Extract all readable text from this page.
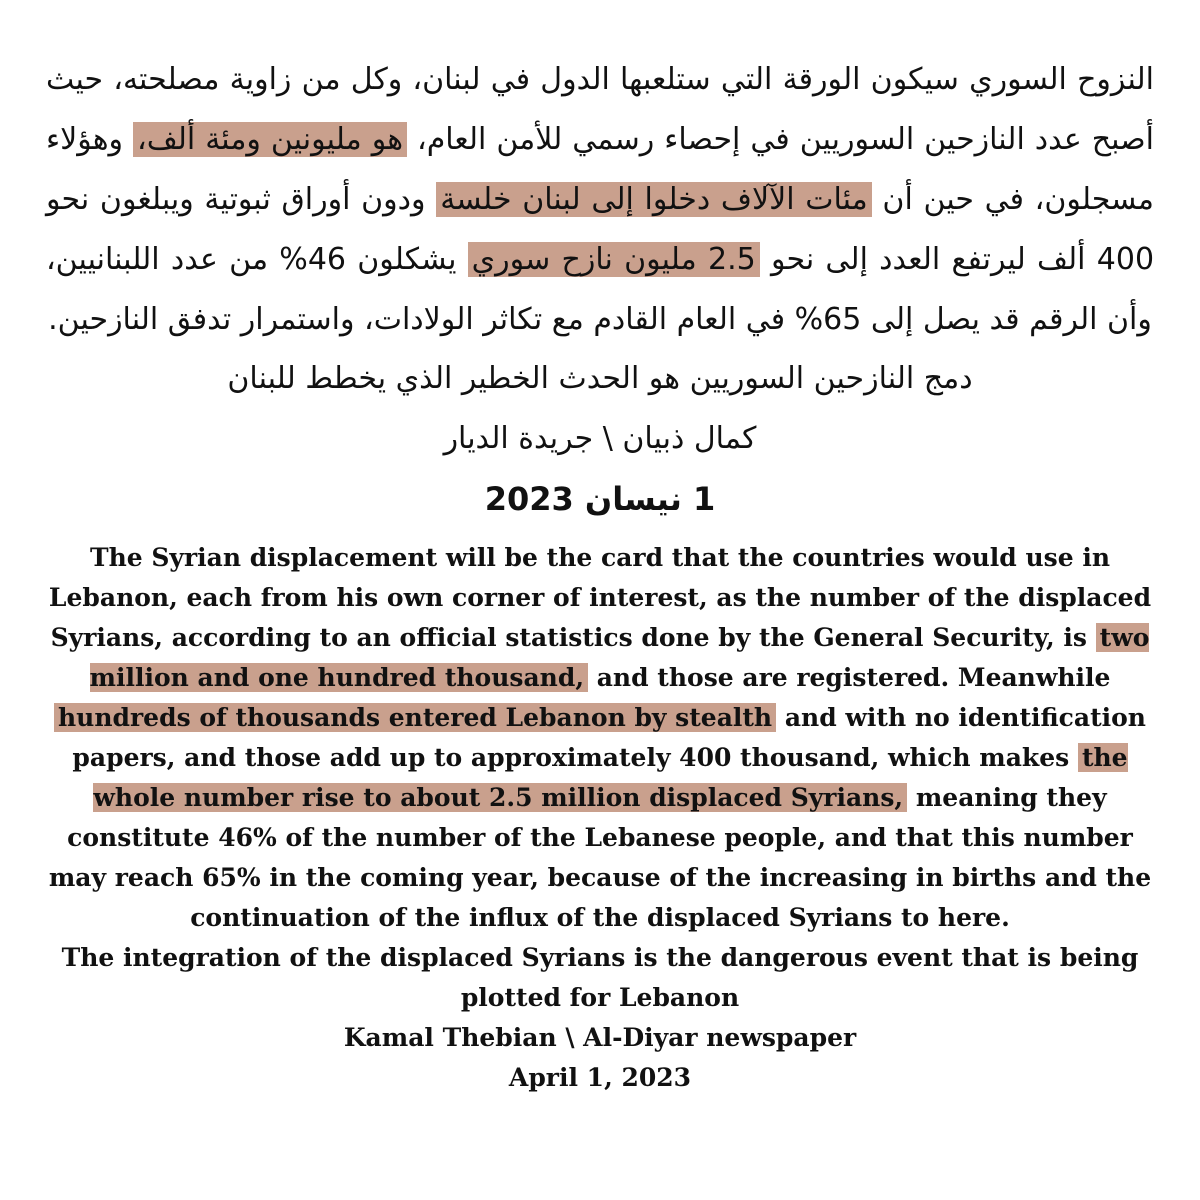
النزوح السوري سيكون الورقة التي ستلعبها الدول في لبنان، وكل من زاوية مصلحته، حيث أصبح عدد النازحين السوريين في إحصاء رسمي للأمن العام، هو مليونين ومئة ألف، وهؤلاء مسجلون، في حين أن مئات الآلاف دخلوا إلى لبنان خلسة ودون أوراق ثبوتية ويبلغون نحو 400 ألف ليرتفع العدد إلى نحو 2.5 مليون نازح سوري يشكلون 46% من عدد اللبنانيين، وأن الرقم قد يصل إلى 65% في العام القادم مع تكاثر الولادات، واستمرار تدفق النازحين.

دمج النازحين السوريين هو الحدث الخطير الذي يخطط للبنان

كمال ذبيان \ جريدة الديار

1 نيسان 2023

The Syrian displacement will be the card that the countries would use in Lebanon, each from his own corner of interest, as the number of the displaced Syrians, according to an official statistics done by the General Security, is two million and one hundred thousand, and those are registered. Meanwhile hundreds of thousands entered Lebanon by stealth and with no identification papers, and those add up to approximately 400 thousand, which makes the whole number rise to about 2.5 million displaced Syrians, meaning they constitute 46% of the number of the Lebanese people, and that this number may reach 65% in the coming year, because of the increasing in births and the continuation of the influx of the displaced Syrians to here.

The integration of the displaced Syrians is the dangerous event that is being plotted for Lebanon

Kamal Thebian \ Al-Diyar newspaper

April 1, 2023
